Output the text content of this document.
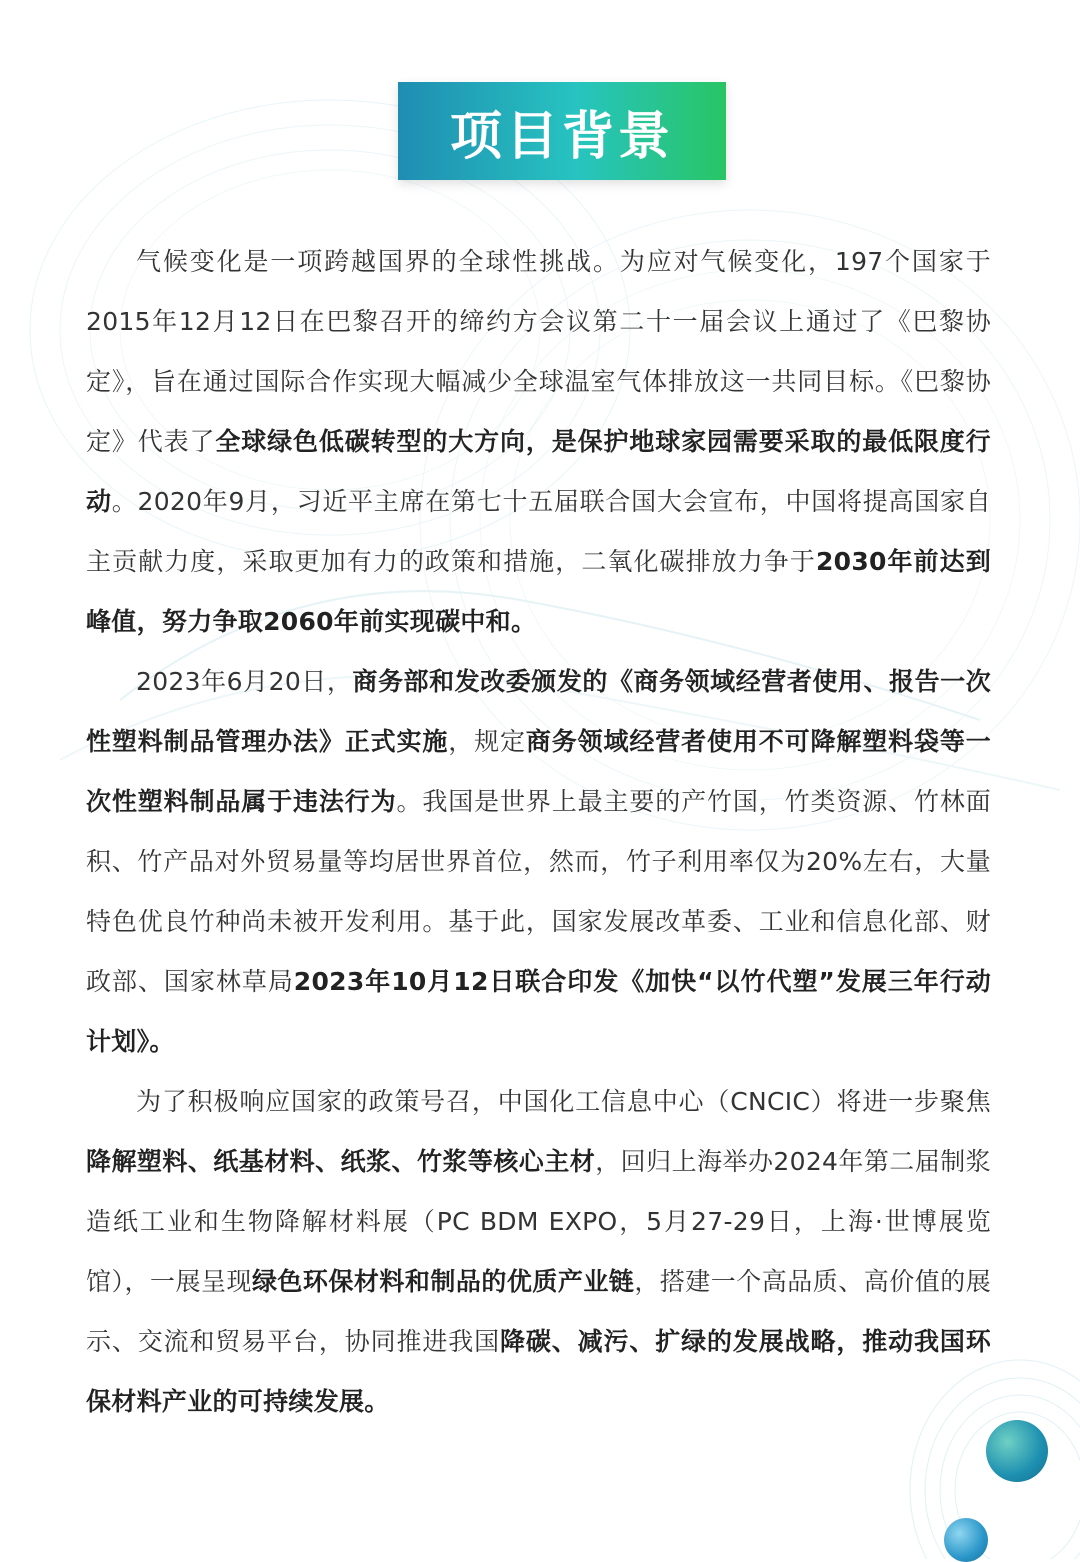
项目背景

气候变化是一项跨越国界的全球性挑战。为应对气候变化，197个国家于2015年12月12日在巴黎召开的缔约方会议第二十一届会议上通过了《巴黎协定》，旨在通过国际合作实现大幅减少全球温室气体排放这一共同目标。《巴黎协定》代表了全球绿色低碳转型的大方向，是保护地球家园需要采取的最低限度行动。2020年9月，习近平主席在第七十五届联合国大会宣布，中国将提高国家自主贡献力度，采取更加有力的政策和措施，二氧化碳排放力争于2030年前达到峰值，努力争取2060年前实现碳中和。

2023年6月20日，商务部和发改委颁发的《商务领域经营者使用、报告一次性塑料制品管理办法》正式实施，规定商务领域经营者使用不可降解塑料袋等一次性塑料制品属于违法行为。我国是世界上最主要的产竹国，竹类资源、竹林面积、竹产品对外贸易量等均居世界首位，然而，竹子利用率仅为20%左右，大量特色优良竹种尚未被开发利用。基于此，国家发展改革委、工业和信息化部、财政部、国家林草局2023年10月12日联合印发《加快“以竹代塑”发展三年行动计划》。

为了积极响应国家的政策号召，中国化工信息中心（CNCIC）将进一步聚焦降解塑料、纸基材料、纸浆、竹浆等核心主材，回归上海举办2024年第二届制浆造纸工业和生物降解材料展（PC BDM EXPO，5月27-29日，上海·世博展览馆），一展呈现绿色环保材料和制品的优质产业链，搭建一个高品质、高价值的展示、交流和贸易平台，协同推进我国降碳、减污、扩绿的发展战略，推动我国环保材料产业的可持续发展。
